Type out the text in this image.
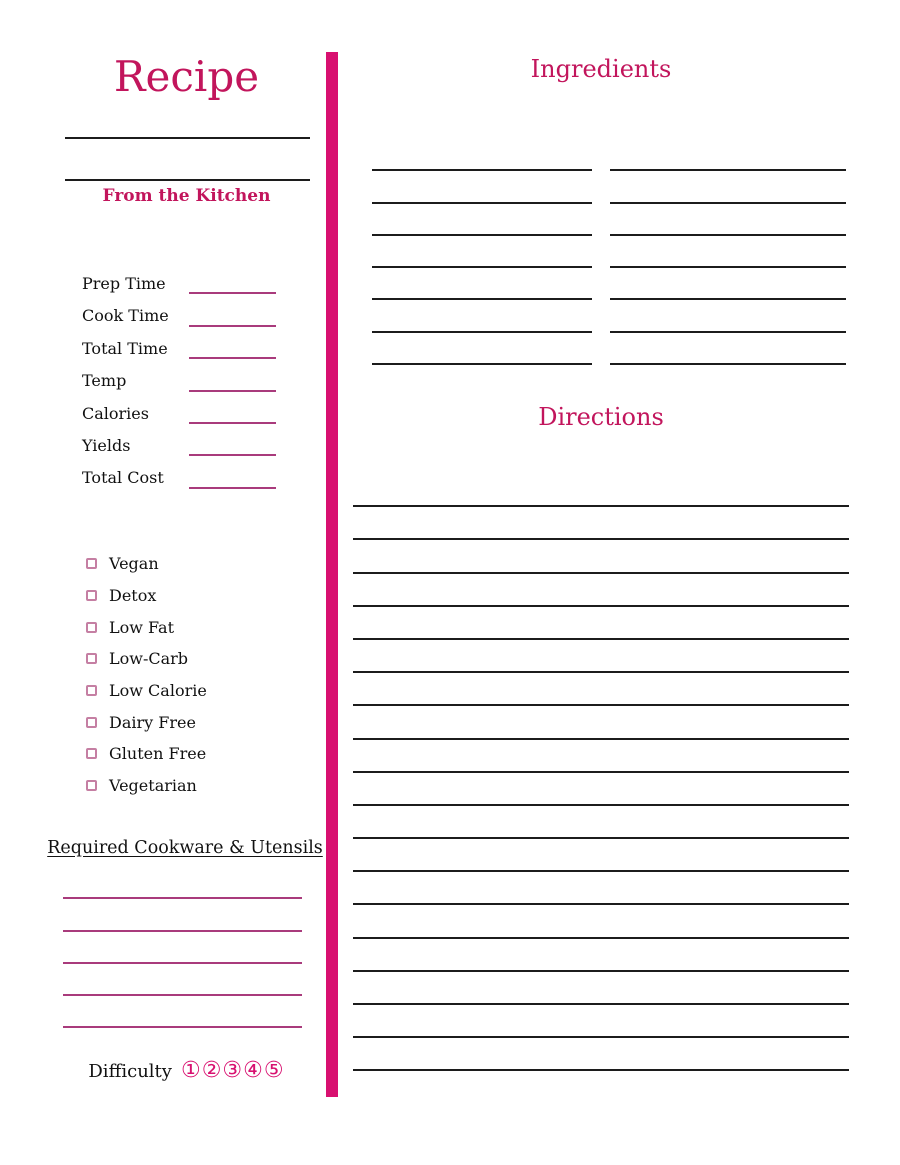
Recipe
From the Kitchen
Prep Time
Cook Time
Total Time
Temp
Calories
Yields
Total Cost
Vegan
Detox
Low Fat
Low-Carb
Low Calorie
Dairy Free
Gluten Free
Vegetarian
Required Cookware & Utensils
Difficulty ① ② ③ ④ ⑤
Ingredients
Directions
